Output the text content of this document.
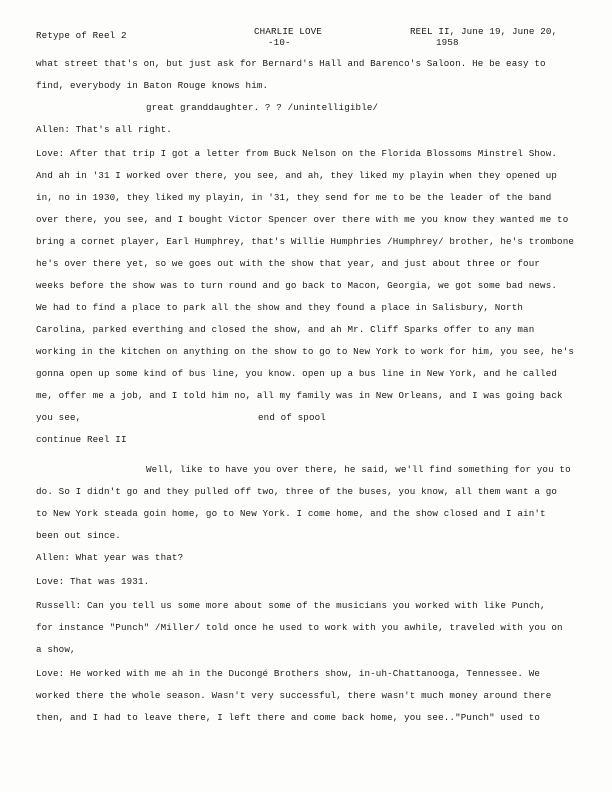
Retype of Reel 2	CHARLIE LOVE
-10-
REEL II, June 19, June 20,
1958
what street that's on, but just ask for Bernard's Hall and Barenco's Saloon. He be easy to
find, everybody in Baton Rouge knows him.
great granddaughter. ? ? /unintelligible/
Allen: That's all right.
Love: After that trip I got a letter from Buck Nelson on the Florida Blossoms Minstrel Show.
And ah in '31 I worked over there, you see, and ah, they liked my playin when they opened up
in, no in 1930, they liked my playin, in '31, they send for me to be the leader of the band
over there, you see, and I bought Victor Spencer over there with me you know they wanted me to
bring a cornet player, Earl Humphrey, that's Willie Humphries /Humphrey/ brother, he's trombone
he's over there yet, so we goes out with the show that year, and just about three or four
weeks before the show was to turn round and go back to Macon, Georgia, we got some bad news.
We had to find a place to park all the show and they found a place in Salisbury, North
Carolina, parked everthing and closed the show, and ah Mr. Cliff Sparks offer to any man
working in the kitchen on anything on the show to go to New York to work for him, you see, he's
gonna open up some kind of bus line, you know. open up a bus line in New York, and he called
me, offer me a job, and I told him no, all my family was in New Orleans, and I was going back
you see,	end of spool
continue Reel II
Well, like to have you over there, he said, we'll find something for you to
do. So I didn't go and they pulled off two, three of the buses, you know, all them want a go
to New York steada goin home, go to New York. I come home, and the show closed and I ain't
been out since.
Allen: What year was that?
Love: That was 1931.
Russell: Can you tell us some more about some of the musicians you worked with like Punch,
for instance "Punch" /Miller/ told once he used to work with you awhile, traveled with you on
a show,
Love: He worked with me ah in the Ducongé Brothers show, in-uh-Chattanooga, Tennessee. We
worked there the whole season. Wasn't very successful, there wasn't much money around there
then, and I had to leave there, I left there and come back home, you see.."Punch" used to
